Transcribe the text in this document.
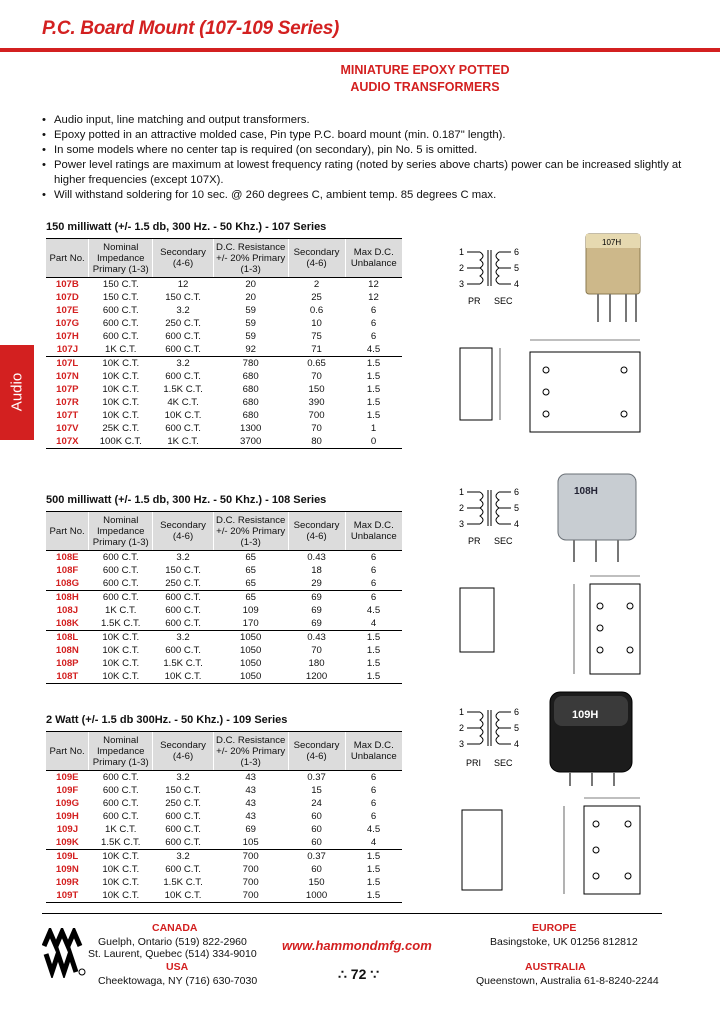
P.C. Board Mount (107-109 Series)
MINIATURE EPOXY POTTED
AUDIO TRANSFORMERS
• Audio input, line matching and output transformers.
• Epoxy potted in an attractive molded case, Pin type P.C. board mount (min. 0.187" length).
• In some models where no center tap is required (on secondary), pin No. 5 is omitted.
• Power level ratings are maximum at lowest frequency rating (noted by series above charts) power can be increased slightly at higher frequencies (except 107X).
• Will withstand soldering for 10 sec. @ 260 degrees C, ambient temp. 85 degrees C max.
Audio
150 milliwatt (+/- 1.5 db, 300 Hz. - 50 Khz.) - 107 Series
Part No.	Nominal Impedance Primary (1-3)	Secondary (4-6)	D.C. Resistance +/- 20% Primary (1-3)	Secondary (4-6)	Max D.C. Unbalance
107B	150 C.T.	12	20	2	12
107D	150 C.T.	150 C.T.	20	25	12
107E	600 C.T.	3.2	59	0.6	6
107G	600 C.T.	250 C.T.	59	10	6
107H	600 C.T.	600 C.T.	59	75	6
107J	1K C.T.	600 C.T.	92	71	4.5
107L	10K C.T.	3.2	780	0.65	1.5
107N	10K C.T.	600 C.T.	680	70	1.5
107P	10K C.T.	1.5K C.T.	680	150	1.5
107R	10K C.T.	4K C.T.	680	390	1.5
107T	10K C.T.	10K C.T.	680	700	1.5
107V	25K C.T.	600 C.T.	1300	70	1
107X	100K C.T.	1K C.T.	3700	80	0
500 milliwatt (+/- 1.5 db, 300 Hz. - 50 Khz.) - 108 Series
Part No.	Nominal Impedance Primary (1-3)	Secondary (4-6)	D.C. Resistance +/- 20% Primary (1-3)	Secondary (4-6)	Max D.C. Unbalance
108E	600 C.T.	3.2	65	0.43	6
108F	600 C.T.	150 C.T.	65	18	6
108G	600 C.T.	250 C.T.	65	29	6
108H	600 C.T.	600 C.T.	65	69	6
108J	1K C.T.	600 C.T.	109	69	4.5
108K	1.5K C.T.	600 C.T.	170	69	4
108L	10K C.T.	3.2	1050	0.43	1.5
108N	10K C.T.	600 C.T.	1050	70	1.5
108P	10K C.T.	1.5K C.T.	1050	180	1.5
108T	10K C.T.	10K C.T.	1050	1200	1.5
2 Watt (+/- 1.5 db 300Hz. - 50 Khz.) - 109 Series
Part No.	Nominal Impedance Primary (1-3)	Secondary (4-6)	D.C. Resistance +/- 20% Primary (1-3)	Secondary (4-6)	Max D.C. Unbalance
109E	600 C.T.	3.2	43	0.37	6
109F	600 C.T.	150 C.T.	43	15	6
109G	600 C.T.	250 C.T.	43	24	6
109H	600 C.T.	600 C.T.	43	60	6
109J	1K C.T.	600 C.T.	69	60	4.5
109K	1.5K C.T.	600 C.T.	105	60	4
109L	10K C.T.	3.2	700	0.37	1.5
109N	10K C.T.	600 C.T.	700	60	1.5
109R	10K C.T.	1.5K C.T.	700	150	1.5
109T	10K C.T.	10K C.T.	700	1000	1.5
1
2
3
6
5
4
PR SEC
107H
1
2
3
6
5
4
PR SEC
108H
1
2
3
6
5
4
PRI SEC
109H
CANADA
Guelph, Ontario (519) 822-2960
St. Laurent, Quebec (514) 334-9010
USA
Cheektowaga, NY (716) 630-7030
www.hammondmfg.com
∴ 72 ∵
EUROPE
Basingstoke, UK 01256 812812
AUSTRALIA
Queenstown, Australia 61-8-8240-2244
